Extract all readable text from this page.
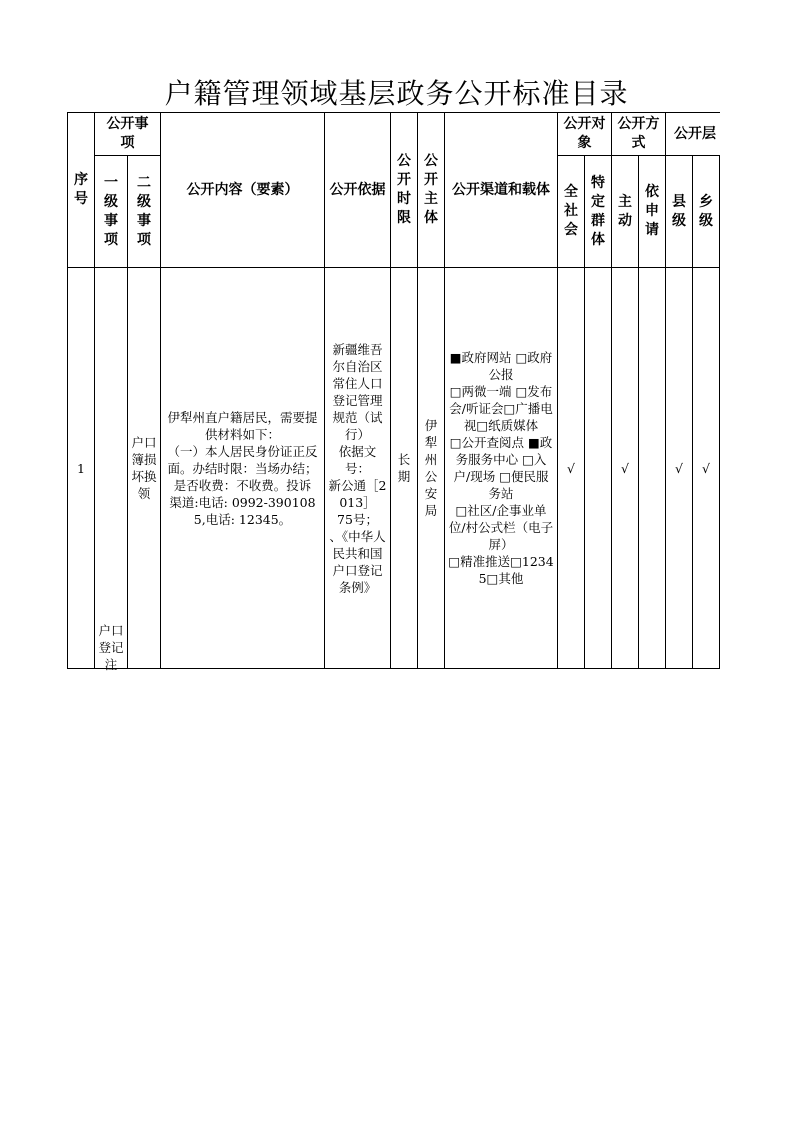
户籍管理领域基层政务公开标准目录
序号
公开事项
一级事项
二级事项
公开内容（要素） 公开依据
公开时限
公开主体
公开渠道和载体
公开对象
全社会
特定群体
公开方式
主动
依申请
公开层
县级
乡级
1
户口登记注
户口簿损坏换领
伊犁州直户籍居民，需要提供材料如下：
（一）本人居民身份证正反面。办结时限：当场办结；是否收费：不收费。投诉
渠道:电话: 0992-3901085,电话: 12345。
新疆维吾尔自治区常住人口登记管理规范（试行）
依据文号：
新公通［2013］
75号；
、《中华人民共和国户口登记条例》
长期
伊犁州公安局
■政府网站 □政府公报
□两微一端 □发布会/听证会□广播电视□纸质媒体
□公开查阅点 ■政务服务中心 □入户/现场 □便民服务站
□社区/企事业单位/村公式栏（电子屏）
□精准推送□12345□其他
√	√	√ √
